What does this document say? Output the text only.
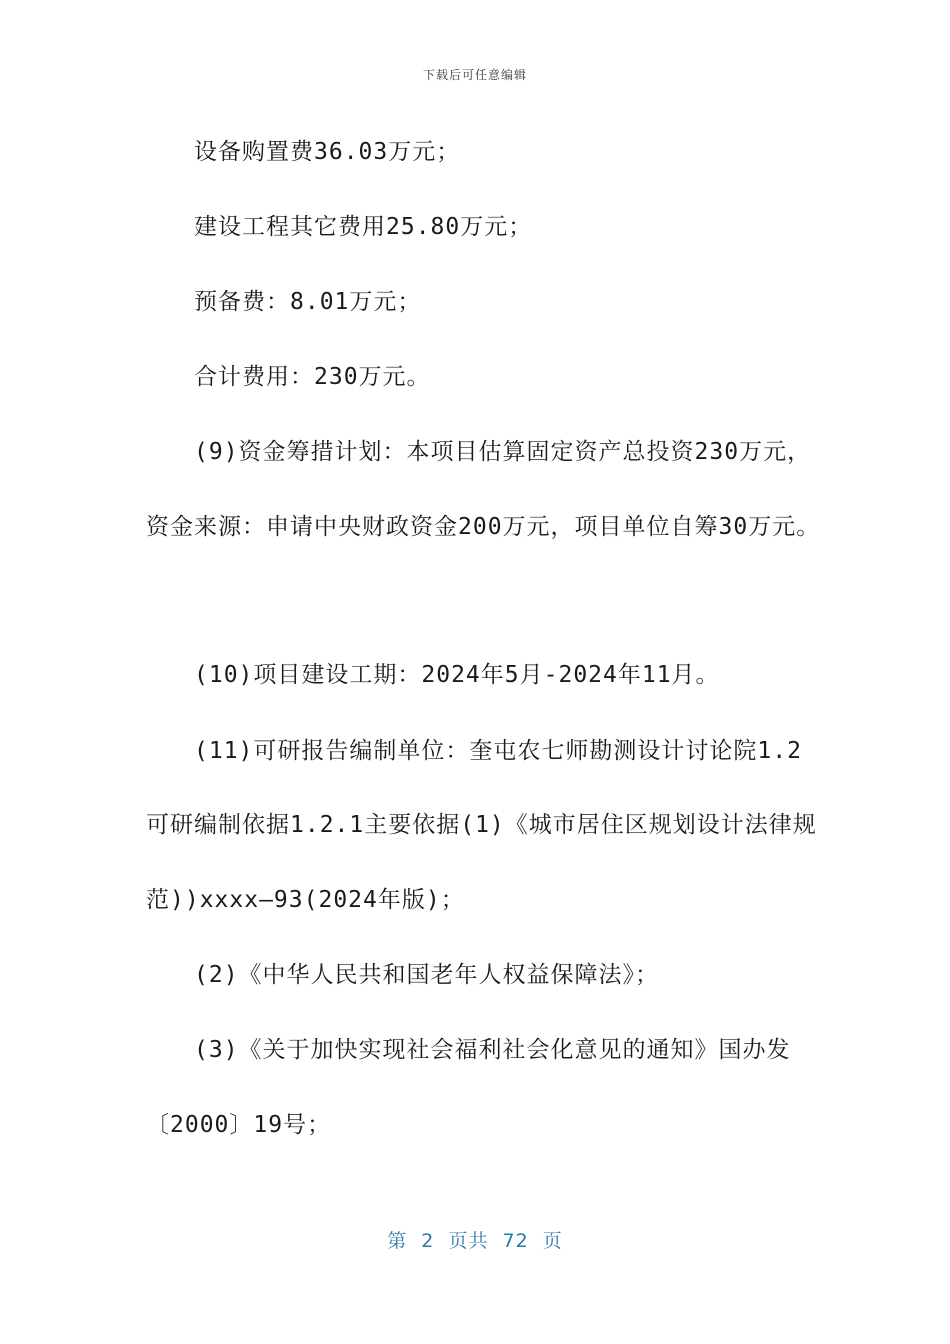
下载后可任意编辑
设备购置费36.03万元；
建设工程其它费用25.80万元；
预备费：8.01万元；
合计费用：230万元。
(9)资金筹措计划：本项目估算固定资产总投资230万元，
资金来源：申请中央财政资金200万元，项目单位自筹30万元。
(10)项目建设工期：2024年5月-2024年11月。
(11)可研报告编制单位：奎屯农七师勘测设计讨论院1.2
可研编制依据1.2.1主要依据(1)《城市居住区规划设计法律规
范))xxxx—93(2024年版)；
(2)《中华人民共和国老年人权益保障法》；
(3)《关于加快实现社会福利社会化意见的通知》国办发
〔2000〕19号；
第  2  页共  72  页
